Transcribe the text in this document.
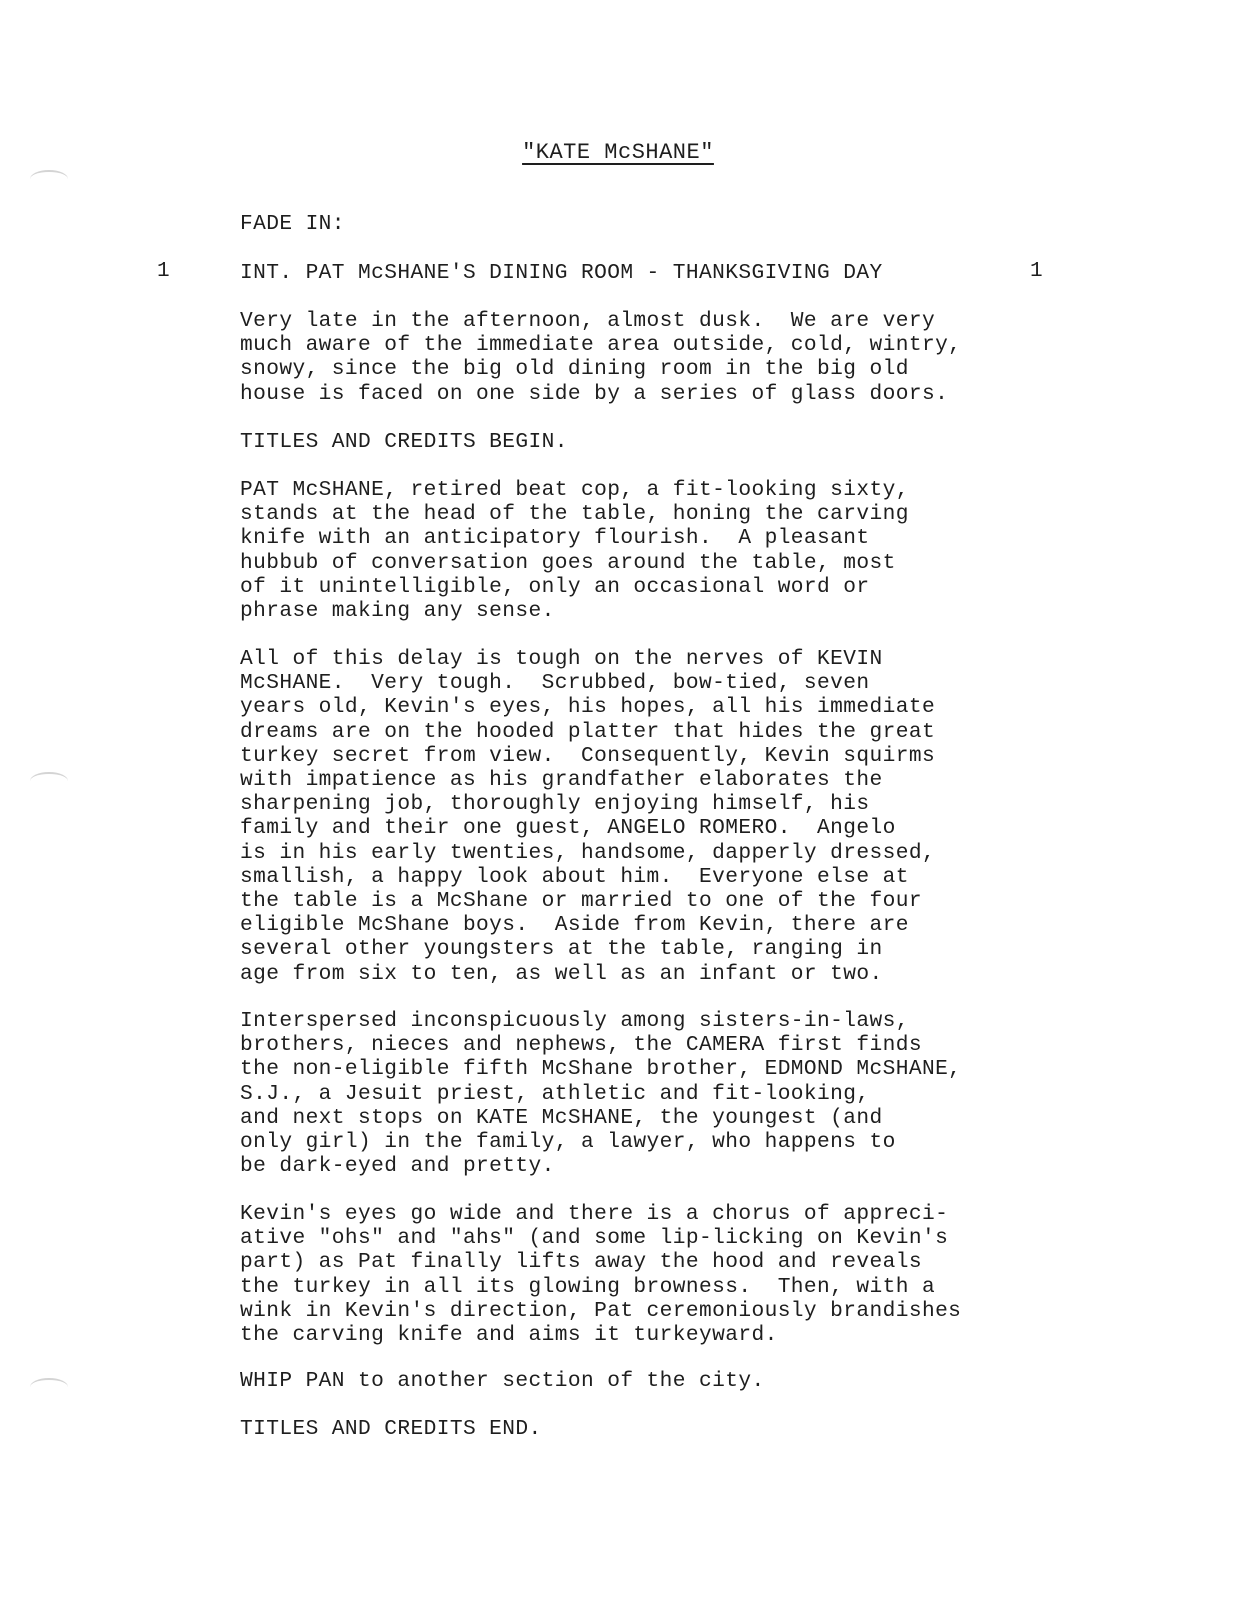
"KATE McSHANE"
FADE IN:
1	INT. PAT McSHANE'S DINING ROOM - THANKSGIVING DAY	1
Very late in the afternoon, almost dusk.  We are very
much aware of the immediate area outside, cold, wintry,
snowy, since the big old dining room in the big old
house is faced on one side by a series of glass doors.
TITLES AND CREDITS BEGIN.
PAT McSHANE, retired beat cop, a fit-looking sixty,
stands at the head of the table, honing the carving
knife with an anticipatory flourish.  A pleasant
hubbub of conversation goes around the table, most
of it unintelligible, only an occasional word or
phrase making any sense.
All of this delay is tough on the nerves of KEVIN
McSHANE.  Very tough.  Scrubbed, bow-tied, seven
years old, Kevin's eyes, his hopes, all his immediate
dreams are on the hooded platter that hides the great
turkey secret from view.  Consequently, Kevin squirms
with impatience as his grandfather elaborates the
sharpening job, thoroughly enjoying himself, his
family and their one guest, ANGELO ROMERO.  Angelo
is in his early twenties, handsome, dapperly dressed,
smallish, a happy look about him.  Everyone else at
the table is a McShane or married to one of the four
eligible McShane boys.  Aside from Kevin, there are
several other youngsters at the table, ranging in
age from six to ten, as well as an infant or two.
Interspersed inconspicuously among sisters-in-laws,
brothers, nieces and nephews, the CAMERA first finds
the non-eligible fifth McShane brother, EDMOND McSHANE,
S.J., a Jesuit priest, athletic and fit-looking,
and next stops on KATE McSHANE, the youngest (and
only girl) in the family, a lawyer, who happens to
be dark-eyed and pretty.
Kevin's eyes go wide and there is a chorus of appreci-
ative "ohs" and "ahs" (and some lip-licking on Kevin's
part) as Pat finally lifts away the hood and reveals
the turkey in all its glowing browness.  Then, with a
wink in Kevin's direction, Pat ceremoniously brandishes
the carving knife and aims it turkeyward.
WHIP PAN to another section of the city.
TITLES AND CREDITS END.
